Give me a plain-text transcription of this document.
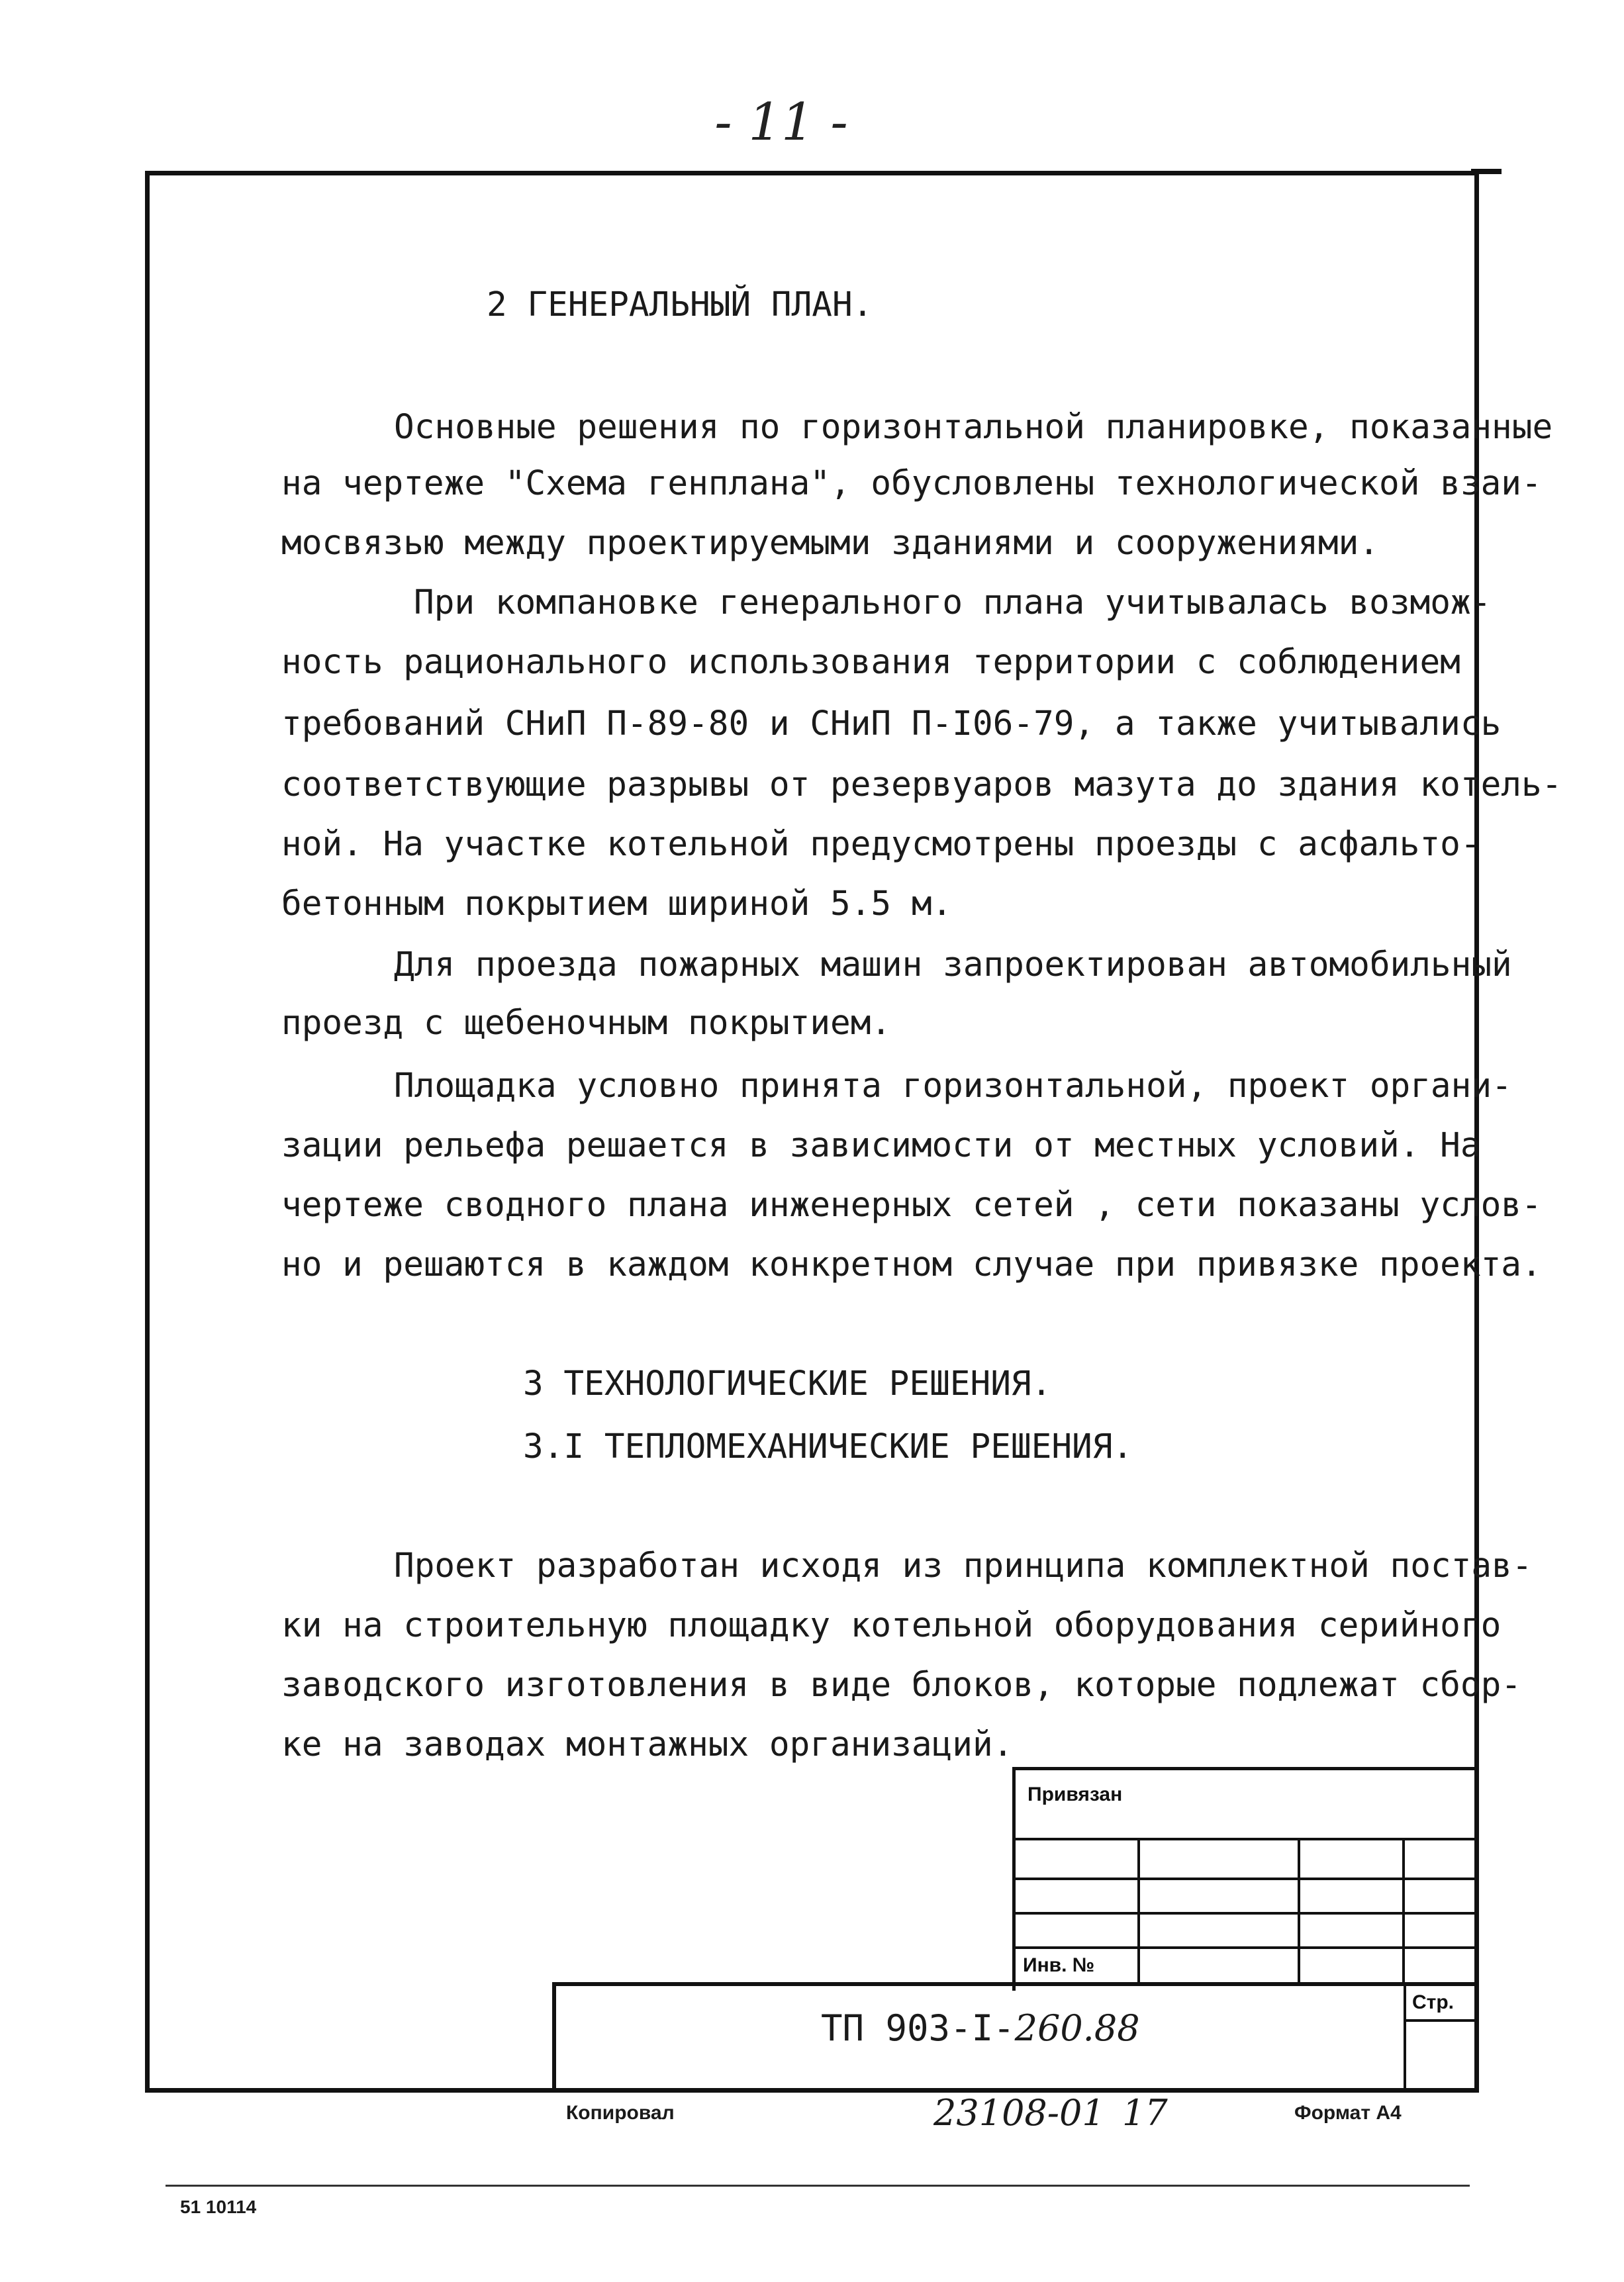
- 11 -
2 ГЕНЕРАЛЬНЫЙ ПЛАН.
Основные решения по горизонтальной планировке, показанные
на чертеже "Схема генплана", обусловлены технологической взаи-
мосвязью между проектируемыми зданиями и сооружениями.
При компановке генерального плана учитывалась возмож-
ность рационального использования территории с соблюдением
требований СНиП П-89-80 и СНиП П-I06-79, а также учитывались
соответствующие разрывы от резервуаров мазута до здания котель-
ной. На участке котельной предусмотрены проезды с асфальто-
бетонным покрытием шириной 5.5 м.
Для проезда пожарных машин запроектирован автомобильный
проезд с щебеночным покрытием.
Площадка условно принята горизонтальной, проект органи-
зации рельефа решается в зависимости от местных условий. На
чертеже сводного плана инженерных сетей , сети показаны услов-
но и решаются в каждом конкретном случае при привязке проекта.
3 ТЕХНОЛОГИЧЕСКИЕ РЕШЕНИЯ.
3.I ТЕПЛОМЕХАНИЧЕСКИЕ РЕШЕНИЯ.
Проект разработан исходя из принципа комплектной постав-
ки на строительную площадку котельной оборудования серийного
заводского изготовления в виде блоков, которые подлежат сбор-
ке на заводах монтажных организаций.
Привязан
Инв. №
Стр.
ТП 903-I-260.88
Копировал	23108-01 17	Формат А4
51 10114
